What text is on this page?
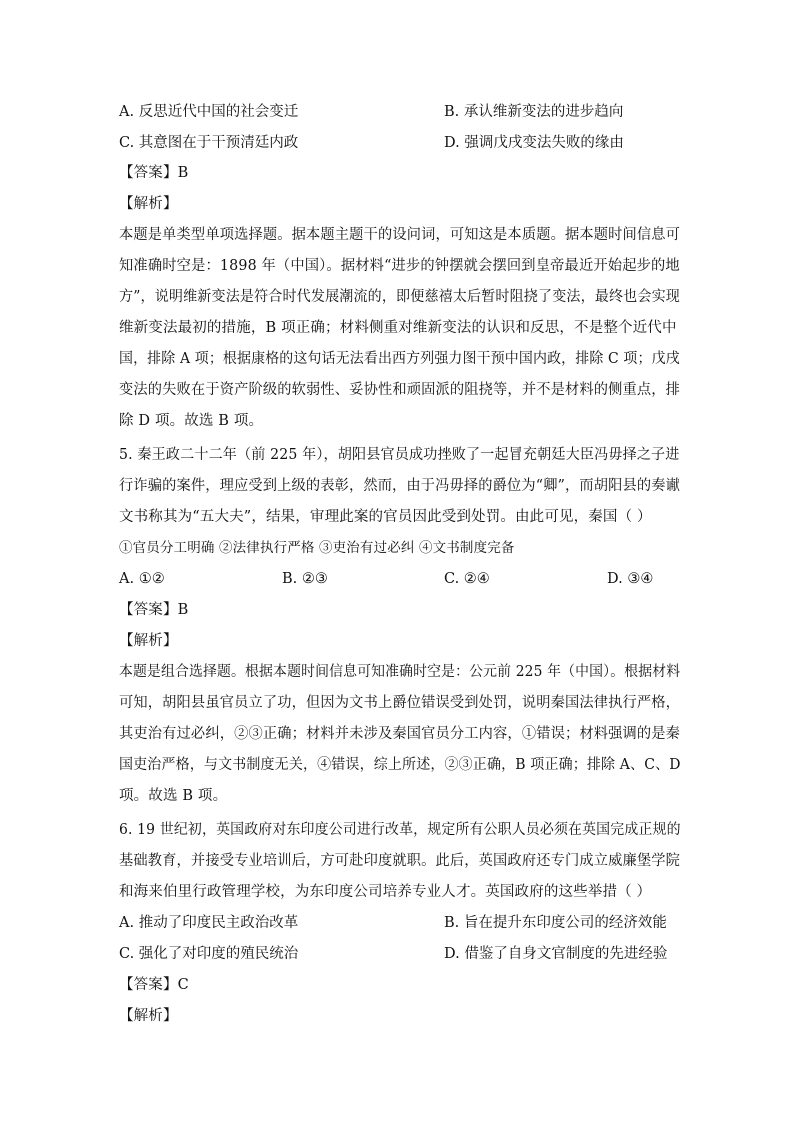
A. 反思近代中国的社会变迁	B. 承认维新变法的进步趋向
C. 其意图在于干预清廷内政	D. 强调戊戌变法失败的缘由
【答案】B
【解析】
本题是单类型单项选择题。据本题主题干的设问词，可知这是本质题。据本题时间信息可
知准确时空是：1898 年（中国）。据材料“进步的钟摆就会摆回到皇帝最近开始起步的地
方”，说明维新变法是符合时代发展潮流的，即便慈禧太后暂时阻挠了变法，最终也会实现
维新变法最初的措施，B 项正确；材料侧重对维新变法的认识和反思，不是整个近代中
国，排除 A 项；根据康格的这句话无法看出西方列强力图干预中国内政，排除 C 项；戊戌
变法的失败在于资产阶级的软弱性、妥协性和顽固派的阻挠等，并不是材料的侧重点，排
除 D 项。故选 B 项。
5. 秦王政二十二年（前 225 年），胡阳县官员成功挫败了一起冒充朝廷大臣冯毋择之子进
行诈骗的案件，理应受到上级的表彰，然而，由于冯毋择的爵位为“卿”，而胡阳县的奏谳
文书称其为“五大夫”，结果，审理此案的官员因此受到处罚。由此可见，秦国（ ）
①官员分工明确 ②法律执行严格 ③吏治有过必纠 ④文书制度完备
A. ①②	B. ②③	C. ②④	D. ③④
【答案】B
【解析】
本题是组合选择题。根据本题时间信息可知准确时空是：公元前 225 年（中国）。根据材料
可知，胡阳县虽官员立了功，但因为文书上爵位错误受到处罚，说明秦国法律执行严格，
其吏治有过必纠，②③正确；材料并未涉及秦国官员分工内容，①错误；材料强调的是秦
国吏治严格，与文书制度无关，④错误，综上所述，②③正确，B 项正确；排除 A、C、D
项。故选 B 项。
6. 19 世纪初，英国政府对东印度公司进行改革，规定所有公职人员必须在英国完成正规的
基础教育，并接受专业培训后，方可赴印度就职。此后，英国政府还专门成立威廉堡学院
和海来伯里行政管理学校，为东印度公司培养专业人才。英国政府的这些举措（ ）
A. 推动了印度民主政治改革	B. 旨在提升东印度公司的经济效能
C. 强化了对印度的殖民统治	D. 借鉴了自身文官制度的先进经验
【答案】C
【解析】
